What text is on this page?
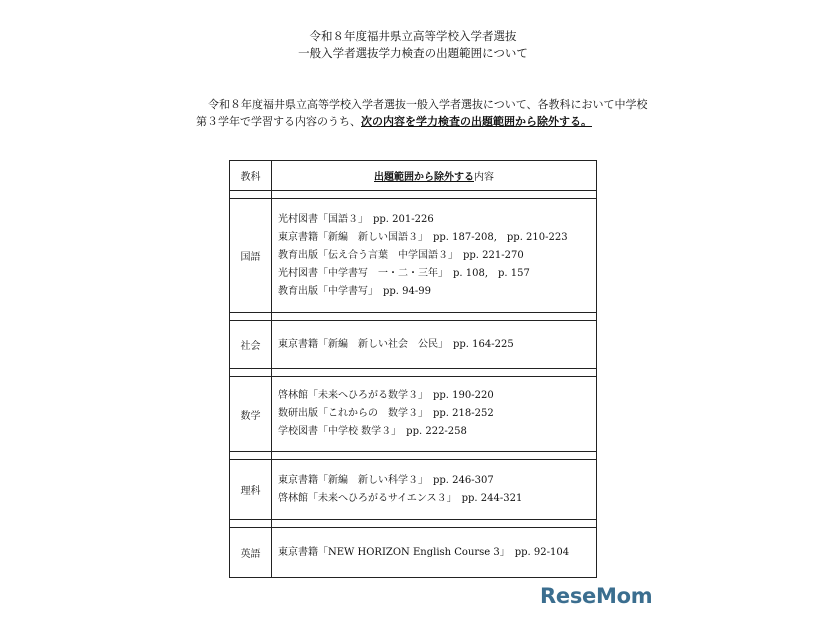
令和８年度福井県立高等学校入学者選抜
一般入学者選抜学力検査の出題範囲について

令和８年度福井県立高等学校入学者選抜一般入学者選抜について、各教科において中学校

第３学年で学習する内容のうち、次の内容を学力検査の出題範囲から除外する。

教科	出題範囲から除外する内容

国語	光村図書「国語３」　pp. 201-226
東京書籍「新編　新しい国語３」　pp. 187-208,　pp. 210-223
教育出版「伝え合う言葉　中学国語３」　pp. 221-270
光村図書「中学書写　一・二・三年」　p. 108,　p. 157
教育出版「中学書写」　pp. 94-99

社会	東京書籍「新編　新しい社会　公民」　pp. 164-225

数学	啓林館「未来へひろがる数学３」　pp. 190-220
数研出版「これからの　数学３」　pp. 218-252
学校図書「中学校 数学３」　pp. 222-258

理科	東京書籍「新編　新しい科学３」　pp. 246-307
啓林館「未来へひろがるサイエンス３」　pp. 244-321

英語	東京書籍「NEW HORIZON English Course 3」　pp. 92-104
ReseMom
